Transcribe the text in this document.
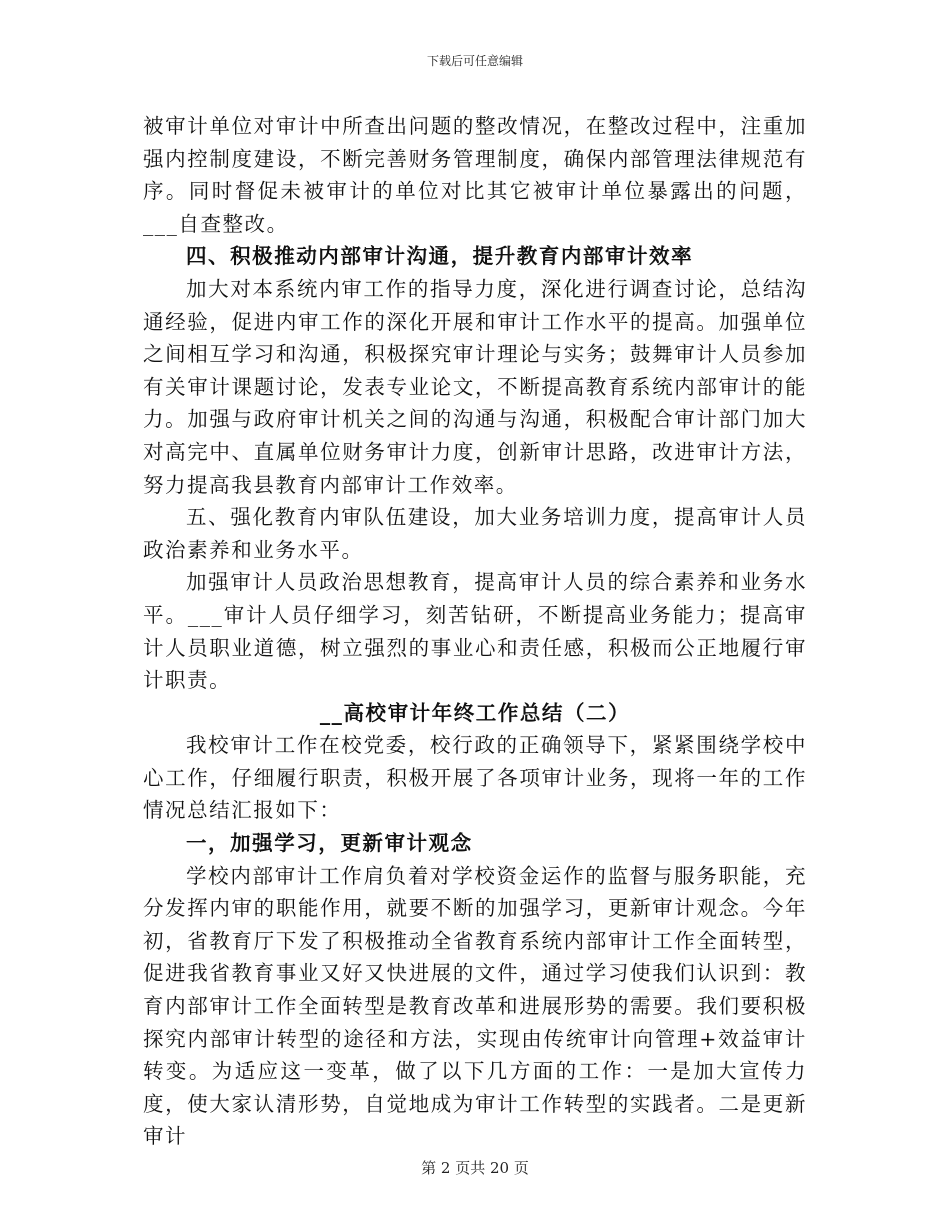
下载后可任意编辑

被审计单位对审计中所查出问题的整改情况，在整改过程中，注重加强内控制度建设，不断完善财务管理制度，确保内部管理法律规范有序。同时督促未被审计的单位对比其它被审计单位暴露出的问题，___自查整改。

四、积极推动内部审计沟通，提升教育内部审计效率

加大对本系统内审工作的指导力度，深化进行调查讨论，总结沟通经验，促进内审工作的深化开展和审计工作水平的提高。加强单位之间相互学习和沟通，积极探究审计理论与实务；鼓舞审计人员参加有关审计课题讨论，发表专业论文，不断提高教育系统内部审计的能力。加强与政府审计机关之间的沟通与沟通，积极配合审计部门加大对高完中、直属单位财务审计力度，创新审计思路，改进审计方法，努力提高我县教育内部审计工作效率。

五、强化教育内审队伍建设，加大业务培训力度，提高审计人员政治素养和业务水平。

加强审计人员政治思想教育，提高审计人员的综合素养和业务水平。___审计人员仔细学习，刻苦钻研，不断提高业务能力；提高审计人员职业道德，树立强烈的事业心和责任感，积极而公正地履行审计职责。

__高校审计年终工作总结（二）

我校审计工作在校党委，校行政的正确领导下，紧紧围绕学校中心工作，仔细履行职责，积极开展了各项审计业务，现将一年的工作情况总结汇报如下：

一，加强学习，更新审计观念

学校内部审计工作肩负着对学校资金运作的监督与服务职能，充分发挥内审的职能作用，就要不断的加强学习，更新审计观念。今年初，省教育厅下发了积极推动全省教育系统内部审计工作全面转型，促进我省教育事业又好又快进展的文件，通过学习使我们认识到：教育内部审计工作全面转型是教育改革和进展形势的需要。我们要积极探究内部审计转型的途径和方法，实现由传统审计向管理+效益审计转变。为适应这一变革，做了以下几方面的工作：一是加大宣传力度，使大家认清形势，自觉地成为审计工作转型的实践者。二是更新审计

第 2 页共 20 页
